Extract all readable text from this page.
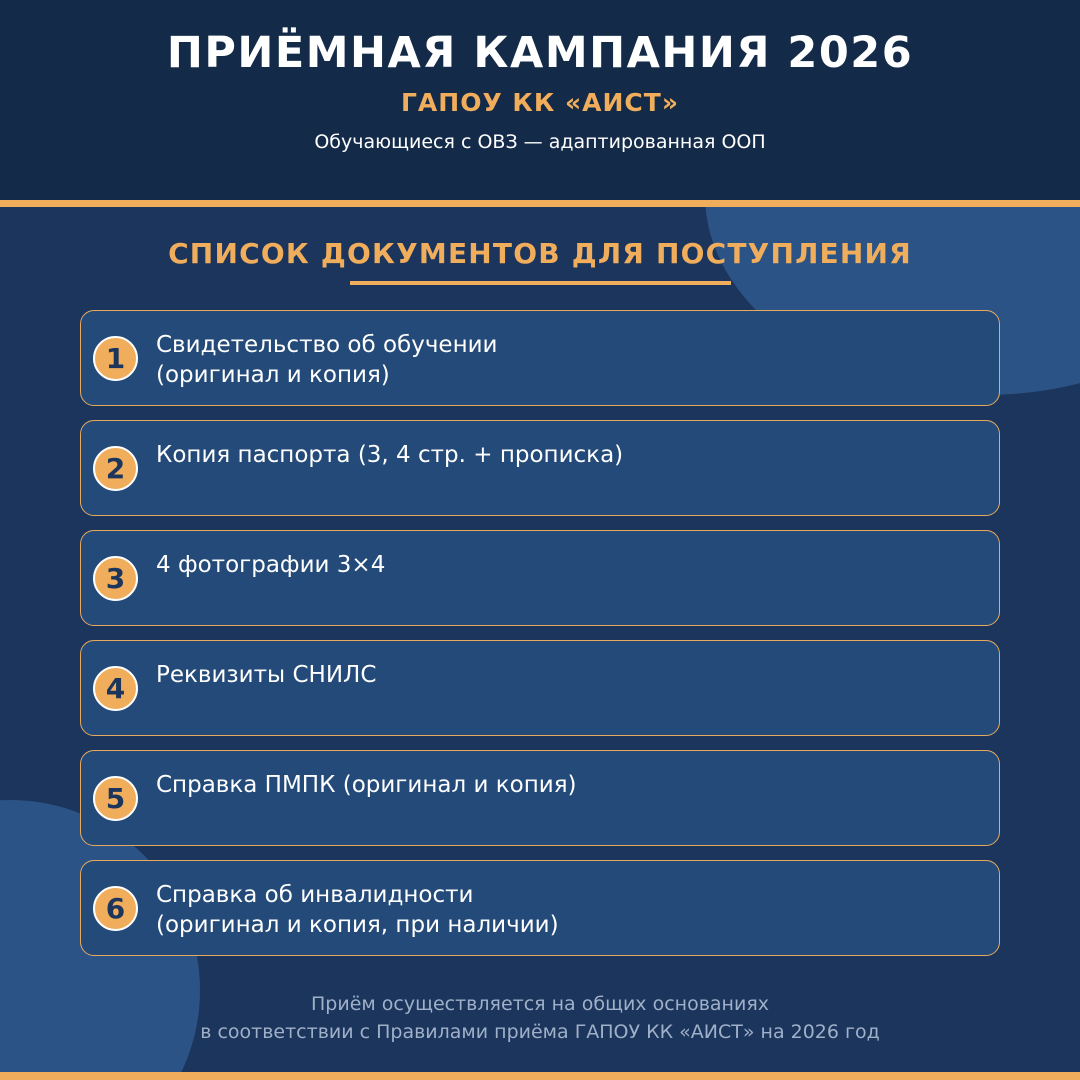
ПРИЁМНАЯ КАМПАНИЯ 2026
ГАПОУ КК «АИСТ»
Обучающиеся с ОВЗ — адаптированная ООП
СПИСОК ДОКУМЕНТОВ ДЛЯ ПОСТУПЛЕНИЯ
1	Свидетельство об обучении
(оригинал и копия)
2	Копия паспорта (3, 4 стр. + прописка)
3	4 фотографии 3×4
4	Реквизиты СНИЛС
5	Справка ПМПК (оригинал и копия)
6	Справка об инвалидности
(оригинал и копия, при наличии)
Приём осуществляется на общих основаниях
в соответствии с Правилами приёма ГАПОУ КК «АИСТ» на 2026 год
